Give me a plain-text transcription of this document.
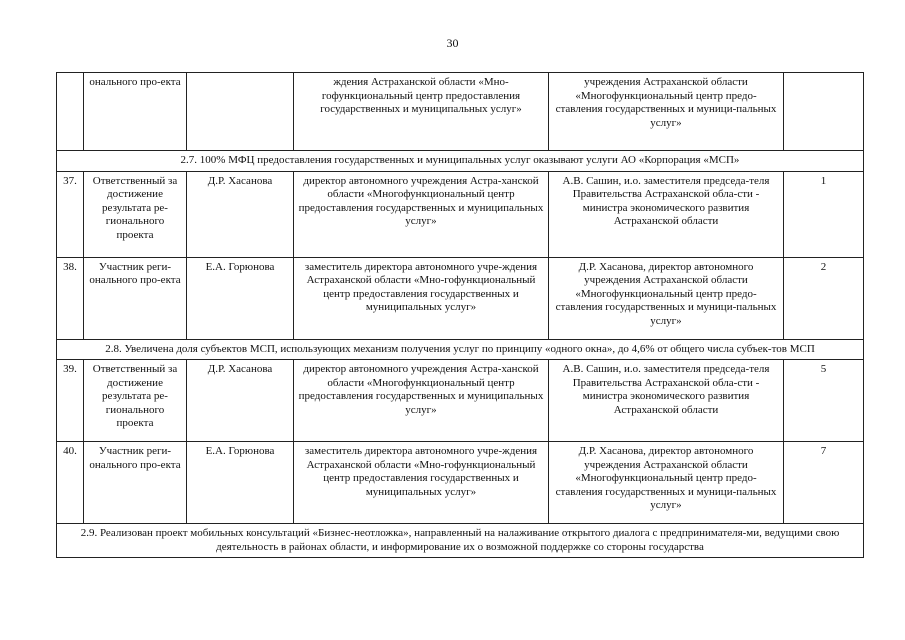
30
	онального про-екта		ждения Астраханской области «Мно-гофункциональный центр предоставления государственных и муниципальных услуг»	учреждения Астраханской области «Многофункциональный центр предо-ставления государственных и муници-пальных услуг»	
2.7. 100% МФЦ предоставления государственных и муниципальных услуг оказывают услуги АО «Корпорация «МСП»					
37.	Ответственный за достижение результата ре-гионального проекта	Д.Р. Хасанова	директор автономного учреждения Астра-ханской области «Многофункциональный центр предоставления государственных и муниципальных услуг»	А.В. Сашин, и.о. заместителя председа-теля Правительства Астраханской обла-сти - министра экономического развития Астраханской области	1
38.	Участник реги-онального про-екта	Е.А. Горюнова	заместитель директора автономного учре-ждения Астраханской области «Мно-гофункциональный центр предоставления государственных и муниципальных услуг»	Д.Р. Хасанова, директор автономного учреждения Астраханской области «Многофункциональный центр предо-ставления государственных и муници-пальных услуг»	2
2.8. Увеличена доля субъектов МСП, использующих механизм получения услуг по принципу «одного окна», до 4,6% от общего числа субъек-тов МСП					
39.	Ответственный за достижение результата ре-гионального проекта	Д.Р. Хасанова	директор автономного учреждения Астра-ханской области «Многофункциональный центр предоставления государственных и муниципальных услуг»	А.В. Сашин, и.о. заместителя председа-теля Правительства Астраханской обла-сти - министра экономического развития Астраханской области	5
40.	Участник реги-онального про-екта	Е.А. Горюнова	заместитель директора автономного учре-ждения Астраханской области «Мно-гофункциональный центр предоставления государственных и муниципальных услуг»	Д.Р. Хасанова, директор автономного учреждения Астраханской области «Многофункциональный центр предо-ставления государственных и муници-пальных услуг»	7
2.9. Реализован проект мобильных консультаций «Бизнес-неотложка», направленный на налаживание открытого диалога с предпринимателя-ми, ведущими свою деятельность в районах области, и информирование их о возможной поддержке со стороны государства					
